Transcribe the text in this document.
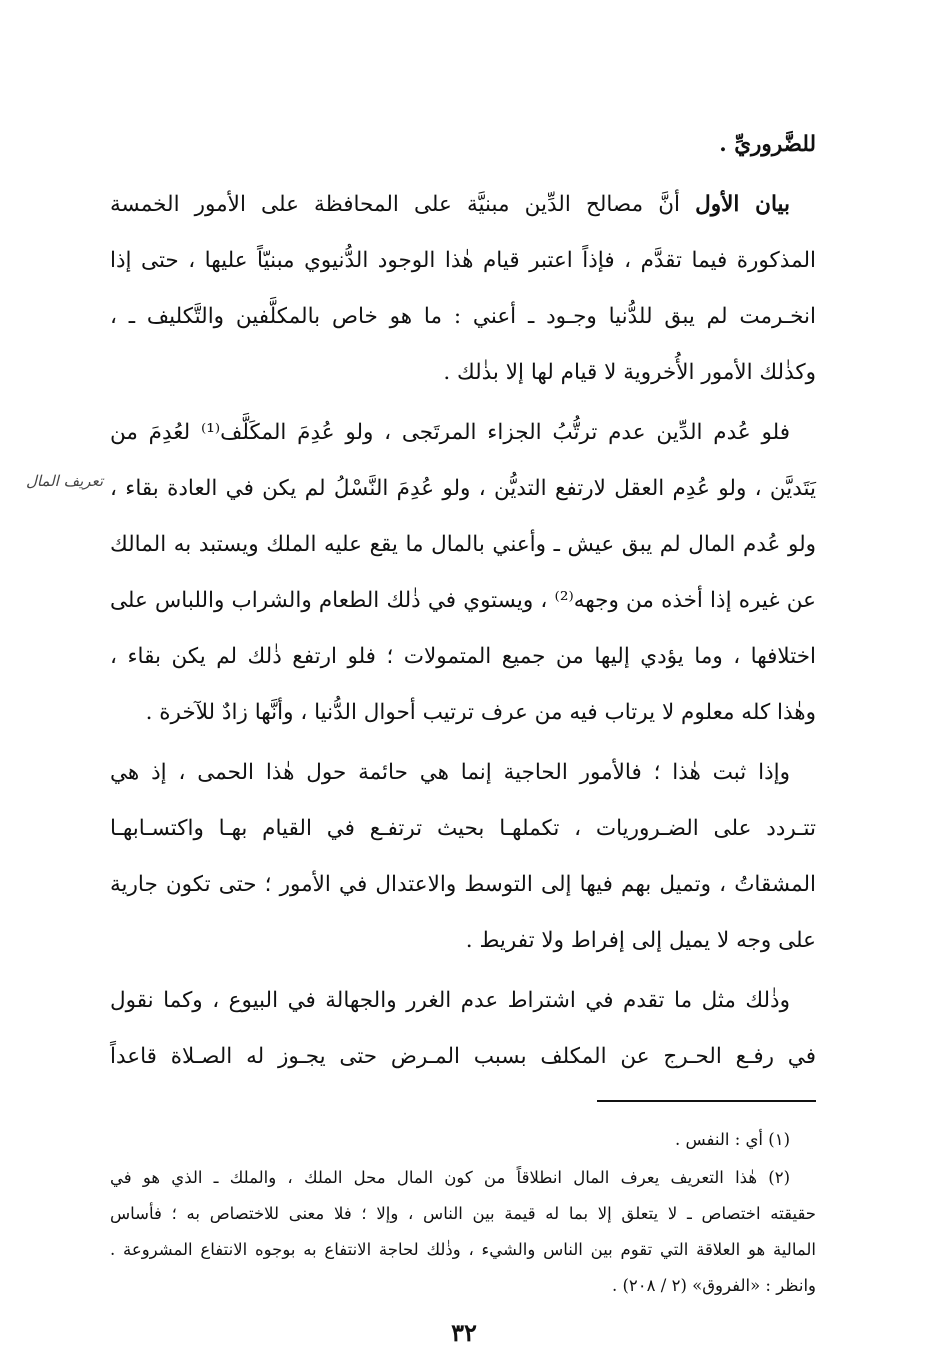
للضَّروريِّ .
بيان الأول أنَّ مصالح الدِّين مبنيَّة على المحافظة على الأمور الخمسة
المذكورة فيما تقدَّم ، فإذاً اعتبر قيام هٰذا الوجود الدُّنيوي مبنيّاً عليها ، حتى إذا
انخـرمت لم يبق للدُّنيا وجـود ـ أعني : ما هو خاص بالمكلَّفين والتَّكليف ـ ،
وكذٰلك الأمور الأُخروية لا قيام لها إلا بذٰلك .
فلو عُدم الدِّين عدم ترتُّبُ الجزاء المرتَجى ، ولو عُدِمَ المكَلَّف⁽¹⁾ لعُدِمَ من
يَتَديَّن ، ولو عُدِم العقل لارتفع التديُّن ، ولو عُدِمَ النَّسْلُ لم يكن في العادة بقاء ،
ولو عُدم المال لم يبق عيش ـ وأعني بالمال ما يقع عليه الملك ويستبد به المالك
عن غيره إذا أخذه من وجهه⁽²⁾ ، ويستوي في ذٰلك الطعام والشراب واللباس على
اختلافها ، وما يؤدي إليها من جميع المتمولات ؛ فلو ارتفع ذٰلك لم يكن بقاء ،
وهٰذا كله معلوم لا يرتاب فيه من عرف ترتيب أحوال الدُّنيا ، وأنَّها زادٌ للآخرة .
وإذا ثبت هٰذا ؛ فالأمور الحاجية إنما هي حائمة حول هٰذا الحمى ، إذ هي
تتـردد على الضـروريات ، تكملهـا بحيث ترتفـع في القيام بهـا واكتسـابهـا
المشقاتُ ، وتميل بهم فيها إلى التوسط والاعتدال في الأمور ؛ حتى تكون جارية
على وجه لا يميل إلى إفراط ولا تفريط .
وذٰلك مثل ما تقدم في اشتراط عدم الغرر والجهالة في البيوع ، وكما نقول
في رفـع الحـرج عن المكلف بسبب المـرض حتى يجـوز له الصـلاة قاعداً
تعريف المال
(١) أي : النفس .
(٢) هٰذا التعريف يعرف المال انطلاقاً من كون المال محل الملك ، والملك ـ الذي هو في
حقيقته اختصاص ـ لا يتعلق إلا بما له قيمة بين الناس ، وإلا ؛ فلا معنى للاختصاص به ؛ فأساس
المالية هو العلاقة التي تقوم بين الناس والشيء ، وذٰلك لحاجة الانتفاع به بوجوه الانتفاع المشروعة .
وانظر : «الفروق» (٢ / ٢٠٨) .
٣٢
